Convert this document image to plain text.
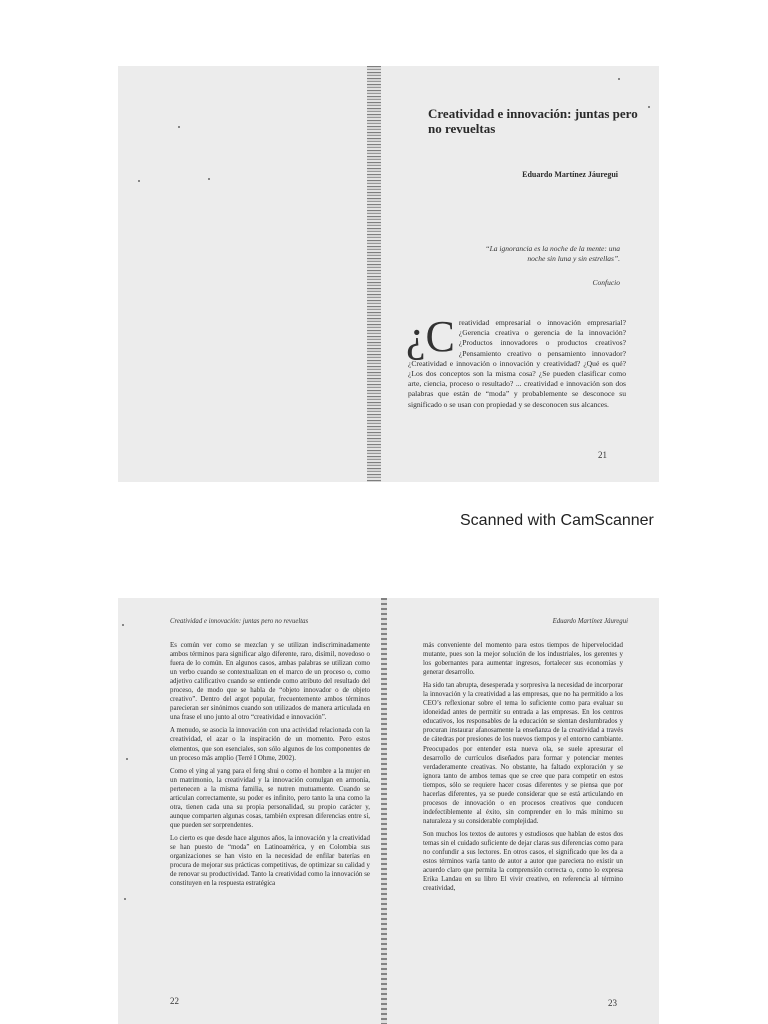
Creatividad e innovación: juntas pero no revueltas
Eduardo Martínez Jáuregui
“La ignorancia es la noche de la mente: una noche sin luna y sin estrellas”.
Confucio
¿C reatividad empresarial o innovación empresarial? ¿Gerencia creativa o gerencia de la innovación? ¿Productos innovadores o productos creativos? ¿Pensamiento creativo o pensamiento innovador? ¿Creatividad e innovación o innovación y creatividad? ¿Qué es qué? ¿Los dos conceptos son la misma cosa? ¿Se pueden clasificar como arte, ciencia, proceso o resultado? ... creatividad e innovación son dos palabras que están de “moda” y probablemente se desconoce su significado o se usan con propiedad y se desconocen sus alcances.
21
Scanned with CamScanner
Creatividad e innovación: juntas pero no revueltas	Eduardo Martínez Jáuregui

Es común ver como se mezclan y se utilizan indiscriminadamente ambos términos para significar algo diferente, raro, disímil, novedoso o fuera de lo común. En algunos casos, ambas palabras se utilizan como un verbo cuando se contextualizan en el marco de un proceso o, como adjetivo calificativo cuando se entiende como atributo del resultado del proceso, de modo que se habla de “objeto innovador o de objeto creativo”. Dentro del argot popular, frecuentemente ambos términos parecieran ser sinónimos cuando son utilizados de manera articulada en una frase el uno junto al otro “creatividad e innovación”.

A menudo, se asocia la innovación con una actividad relacionada con la creatividad, el azar o la inspiración de un momento. Pero estos elementos, que son esenciales, son sólo algunos de los componentes de un proceso más amplio (Terré I Ohme, 2002).

Como el ying al yang para el feng shui o como el hombre a la mujer en un matrimonio, la creatividad y la innovación comulgan en armonía, pertenecen a la misma familia, se nutren mutuamente. Cuando se articulan correctamente, su poder es infinito, pero tanto la una como la otra, tienen cada una su propia personalidad, su propio carácter y, aunque comparten algunas cosas, también expresan diferencias entre sí, que pueden ser sorprendentes.

Lo cierto es que desde hace algunos años, la innovación y la creatividad se han puesto de “moda” en Latinoamérica, y en Colombia sus organizaciones se han visto en la necesidad de enfilar baterías en procura de mejorar sus prácticas competitivas, de optimizar su calidad y de renovar su productividad. Tanto la creatividad como la innovación se constituyen en la respuesta estratégica

más conveniente del momento para estos tiempos de hipervelocidad mutante, pues son la mejor solución de los industriales, los gerentes y los gobernantes para aumentar ingresos, fortalecer sus economías y generar desarrollo.

Ha sido tan abrupta, desesperada y sorpresiva la necesidad de incorporar la innovación y la creatividad a las empresas, que no ha permitido a los CEO’s reflexionar sobre el tema lo suficiente como para evaluar su idoneidad antes de permitir su entrada a las empresas. En los centros educativos, los responsables de la educación se sientan deslumbrados y procuran instaurar afanosamente la enseñanza de la creatividad a través de cátedras por presiones de los nuevos tiempos y el entorno cambiante. Preocupados por entender esta nueva ola, se suele apresurar el desarrollo de currículos diseñados para formar y potenciar mentes verdaderamente creativas. No obstante, ha faltado exploración y se ignora tanto de ambos temas que se cree que para competir en estos tiempos, sólo se requiere hacer cosas diferentes y se piensa que por hacerlas diferentes, ya se puede considerar que se está articulando en procesos de innovación o en procesos creativos que conducen indefectiblemente al éxito, sin comprender en lo más mínimo su naturaleza y su considerable complejidad.

Son muchos los textos de autores y estudiosos que hablan de estos dos temas sin el cuidado suficiente de dejar claras sus diferencias como para no confundir a sus lectores. En otros casos, el significado que les da a estos términos varía tanto de autor a autor que pareciera no existir un acuerdo claro que permita la comprensión correcta o, como lo expresa Erika Landau en su libro El vivir creativo, en referencia al término creatividad,

22	23
